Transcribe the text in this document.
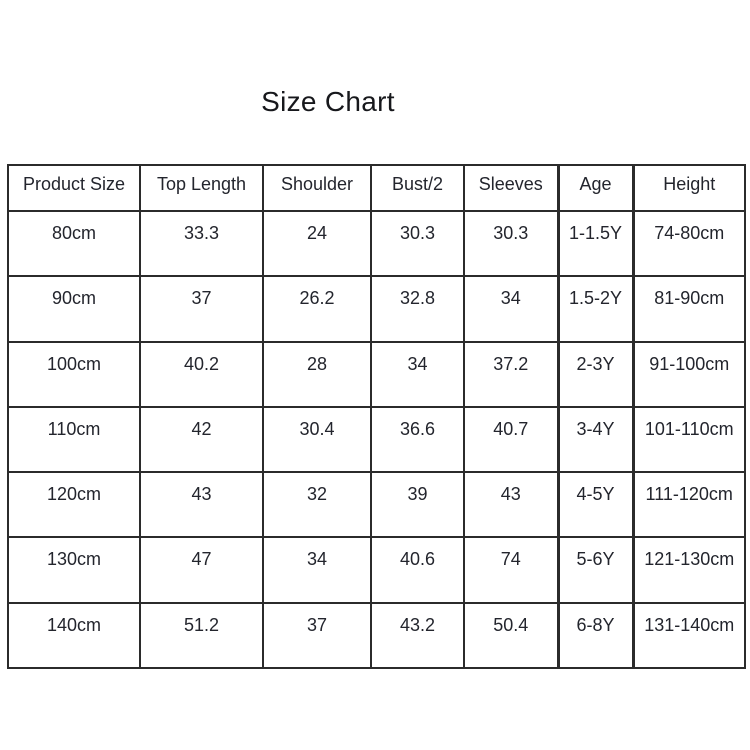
Size Chart
Product Size	Top Length	Shoulder	Bust/2	Sleeves	Age	Height
80cm	33.3	24	30.3	30.3	1-1.5Y	74-80cm
90cm	37	26.2	32.8	34	1.5-2Y	81-90cm
100cm	40.2	28	34	37.2	2-3Y	91-100cm
110cm	42	30.4	36.6	40.7	3-4Y	101-110cm
120cm	43	32	39	43	4-5Y	111-120cm
130cm	47	34	40.6	74	5-6Y	121-130cm
140cm	51.2	37	43.2	50.4	6-8Y	131-140cm
